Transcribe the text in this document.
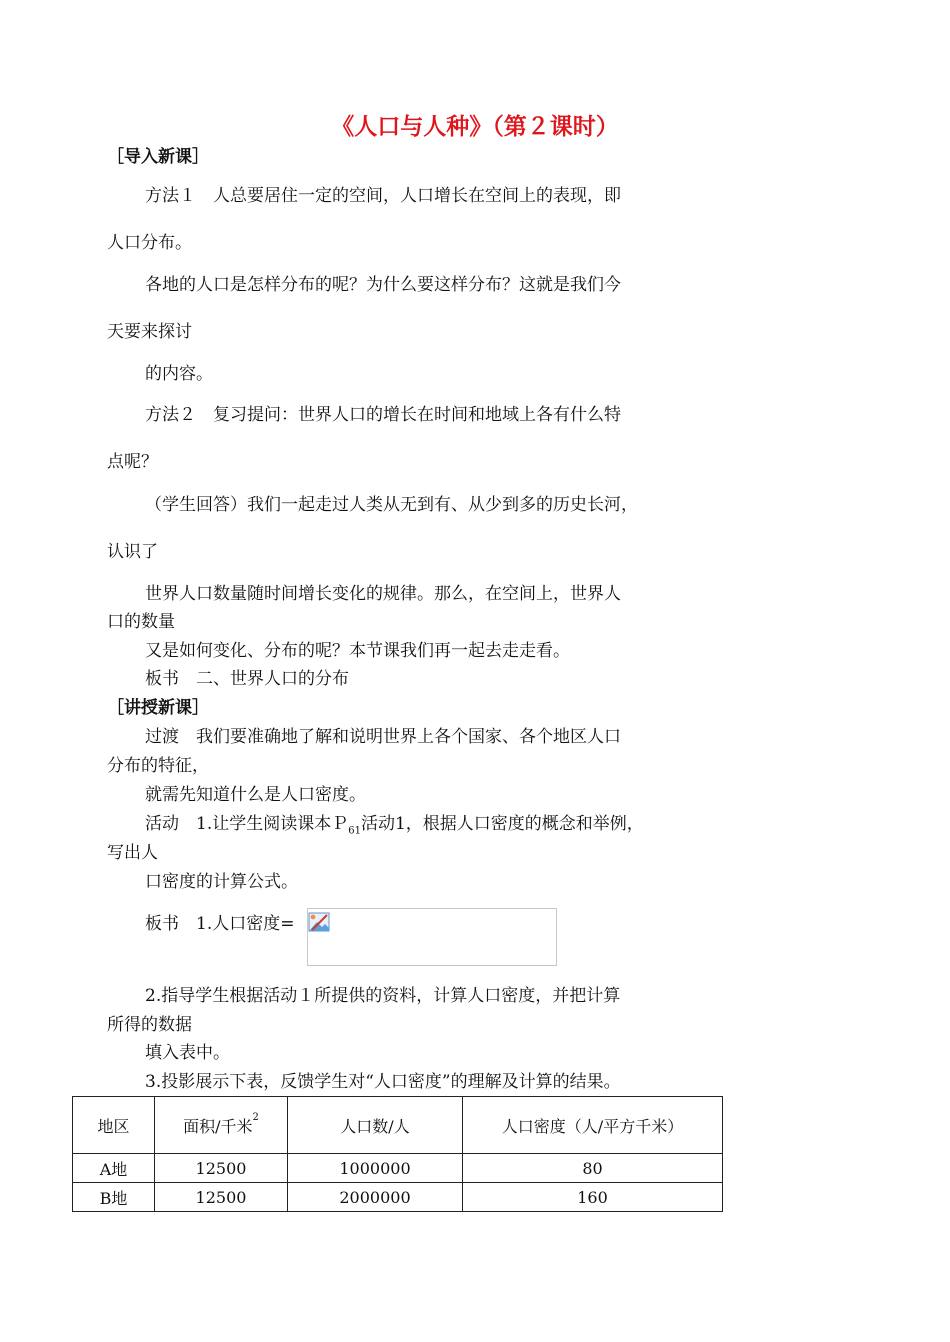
《人口与人种》（第２课时）
［导入新课］
方法１　人总要居住一定的空间，人口增长在空间上的表现，即
人口分布。
各地的人口是怎样分布的呢？为什么要这样分布？这就是我们今
天要来探讨
的内容。
方法２　复习提问：世界人口的增长在时间和地域上各有什么特
点呢？
（学生回答）我们一起走过人类从无到有、从少到多的历史长河，
认识了
世界人口数量随时间增长变化的规律。那么，在空间上，世界人
口的数量
又是如何变化、分布的呢？本节课我们再一起去走走看。
板书　二、世界人口的分布
［讲授新课］
过渡　我们要准确地了解和说明世界上各个国家、各个地区人口
分布的特征，
就需先知道什么是人口密度。
活动　1.让学生阅读课本Ｐ$_{61}$活动1，根据人口密度的概念和举例，
写出人
口密度的计算公式。
板书　1.人口密度=
2.指导学生根据活动１所提供的资料，计算人口密度，并把计算
所得的数据
填入表中。
3.投影展示下表，反馈学生对“人口密度”的理解及计算的结果。
地区	面积/千米$^2$	人口数/人	人口密度（人/平方千米）
A地	12500	1000000	80
B地	12500	2000000	160
